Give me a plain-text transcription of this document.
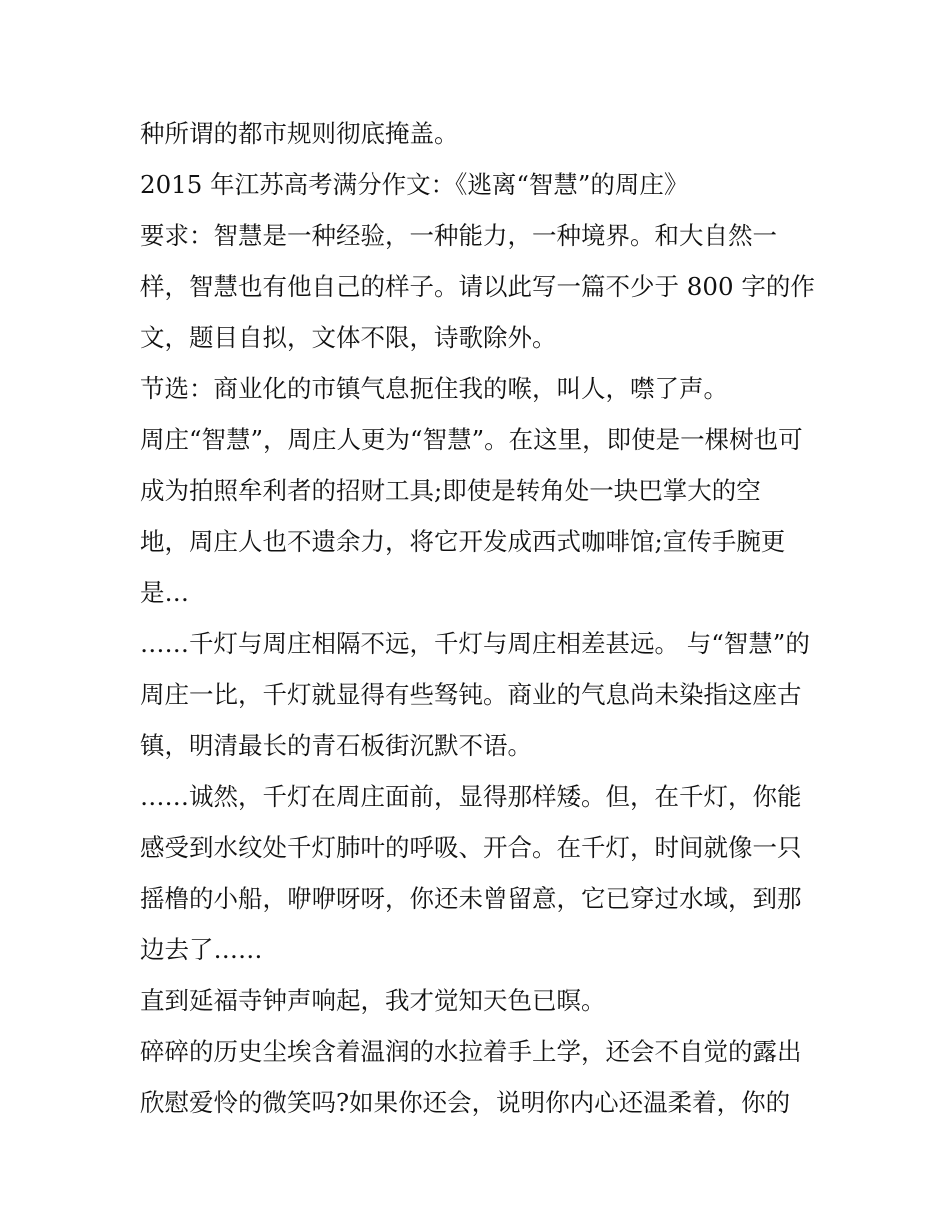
种所谓的都市规则彻底掩盖。
2015 年江苏高考满分作文：《逃离“智慧”的周庄》
要求：智慧是一种经验，一种能力，一种境界。和大自然一
样，智慧也有他自己的样子。请以此写一篇不少于 800 字的作
文，题目自拟，文体不限，诗歌除外。
节选：商业化的市镇气息扼住我的喉，叫人，噤了声。
周庄“智慧”，周庄人更为“智慧”。在这里，即使是一棵树也可
成为拍照牟利者的招财工具;即使是转角处一块巴掌大的空
地，周庄人也不遗余力，将它开发成西式咖啡馆;宣传手腕更
是…
……千灯与周庄相隔不远，千灯与周庄相差甚远。 与“智慧”的
周庄一比，千灯就显得有些驽钝。商业的气息尚未染指这座古
镇，明清最长的青石板街沉默不语。
……诚然，千灯在周庄面前，显得那样矮。但，在千灯，你能
感受到水纹处千灯肺叶的呼吸、开合。在千灯，时间就像一只
摇橹的小船，咿咿呀呀，你还未曾留意，它已穿过水域，到那
边去了……
直到延福寺钟声响起，我才觉知天色已暝。
碎碎的历史尘埃含着温润的水拉着手上学，还会不自觉的露出
欣慰爱怜的微笑吗?如果你还会，说明你内心还温柔着，你的
